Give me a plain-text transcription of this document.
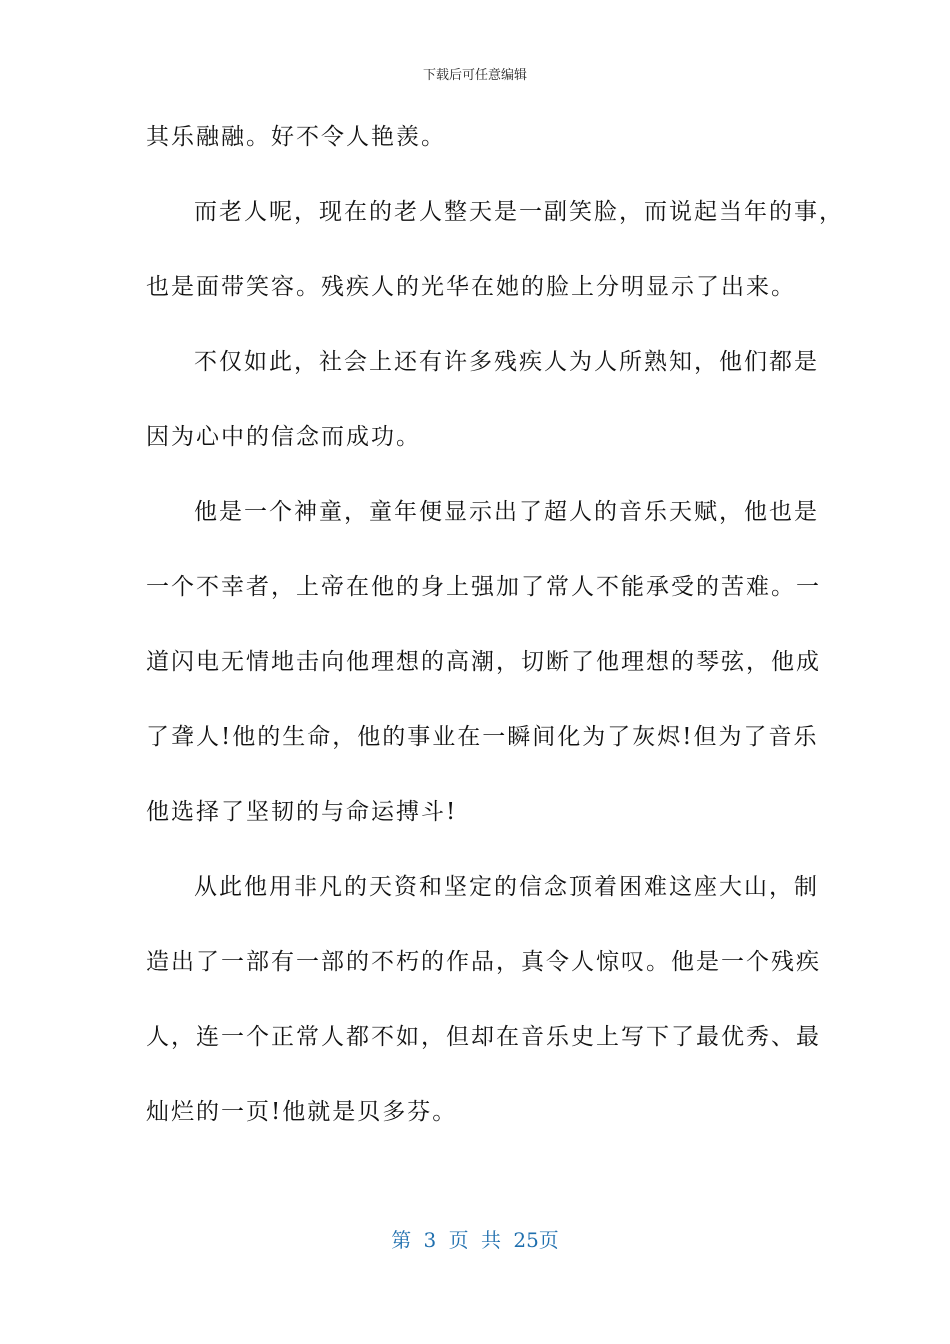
下载后可任意编辑
其乐融融。好不令人艳羡。
而老人呢，现在的老人整天是一副笑脸，而说起当年的事，
也是面带笑容。残疾人的光华在她的脸上分明显示了出来。
不仅如此，社会上还有许多残疾人为人所熟知，他们都是
因为心中的信念而成功。
他是一个神童，童年便显示出了超人的音乐天赋，他也是
一个不幸者，上帝在他的身上强加了常人不能承受的苦难。一
道闪电无情地击向他理想的高潮，切断了他理想的琴弦，他成
了聋人!他的生命，他的事业在一瞬间化为了灰烬!但为了音乐
他选择了坚韧的与命运搏斗!
从此他用非凡的天资和坚定的信念顶着困难这座大山，制
造出了一部有一部的不朽的作品，真令人惊叹。他是一个残疾
人，连一个正常人都不如，但却在音乐史上写下了最优秀、最
灿烂的一页!他就是贝多芬。
第 3 页 共 25页
